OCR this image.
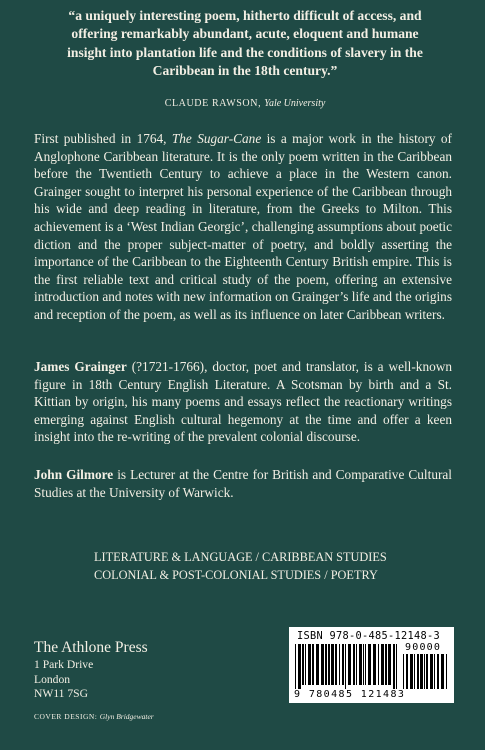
“a uniquely interesting poem, hitherto difficult of access, and offering remarkably abundant, acute, eloquent and humane insight into plantation life and the conditions of slavery in the Caribbean in the 18th century.”

CLAUDE RAWSON, Yale University

First published in 1764, The Sugar-Cane is a major work in the history of Anglophone Caribbean literature. It is the only poem written in the Caribbean before the Twentieth Century to achieve a place in the Western canon. Grainger sought to interpret his personal experience of the Caribbean through his wide and deep reading in literature, from the Greeks to Milton. This achievement is a ‘West Indian Georgic’, challenging assumptions about poetic diction and the proper subject-matter of poetry, and boldly asserting the importance of the Caribbean to the Eighteenth Century British empire. This is the first reliable text and critical study of the poem, offering an extensive introduction and notes with new information on Grainger’s life and the origins and reception of the poem, as well as its influence on later Caribbean writers.

James Grainger (?1721-1766), doctor, poet and translator, is a well-known figure in 18th Century English Literature. A Scotsman by birth and a St. Kittian by origin, his many poems and essays reflect the reactionary writings emerging against English cultural hegemony at the time and offer a keen insight into the re-writing of the prevalent colonial discourse.

John Gilmore is Lecturer at the Centre for British and Comparative Cultural Studies at the University of Warwick.

LITERATURE & LANGUAGE / CARIBBEAN STUDIES
COLONIAL & POST-COLONIAL STUDIES / POETRY
The Athlone Press
1 Park Drive
London
NW11 7SG

COVER DESIGN: Glyn Bridgewater

ISBN 978-0-485-12148-3
90000
9 780485 121483
